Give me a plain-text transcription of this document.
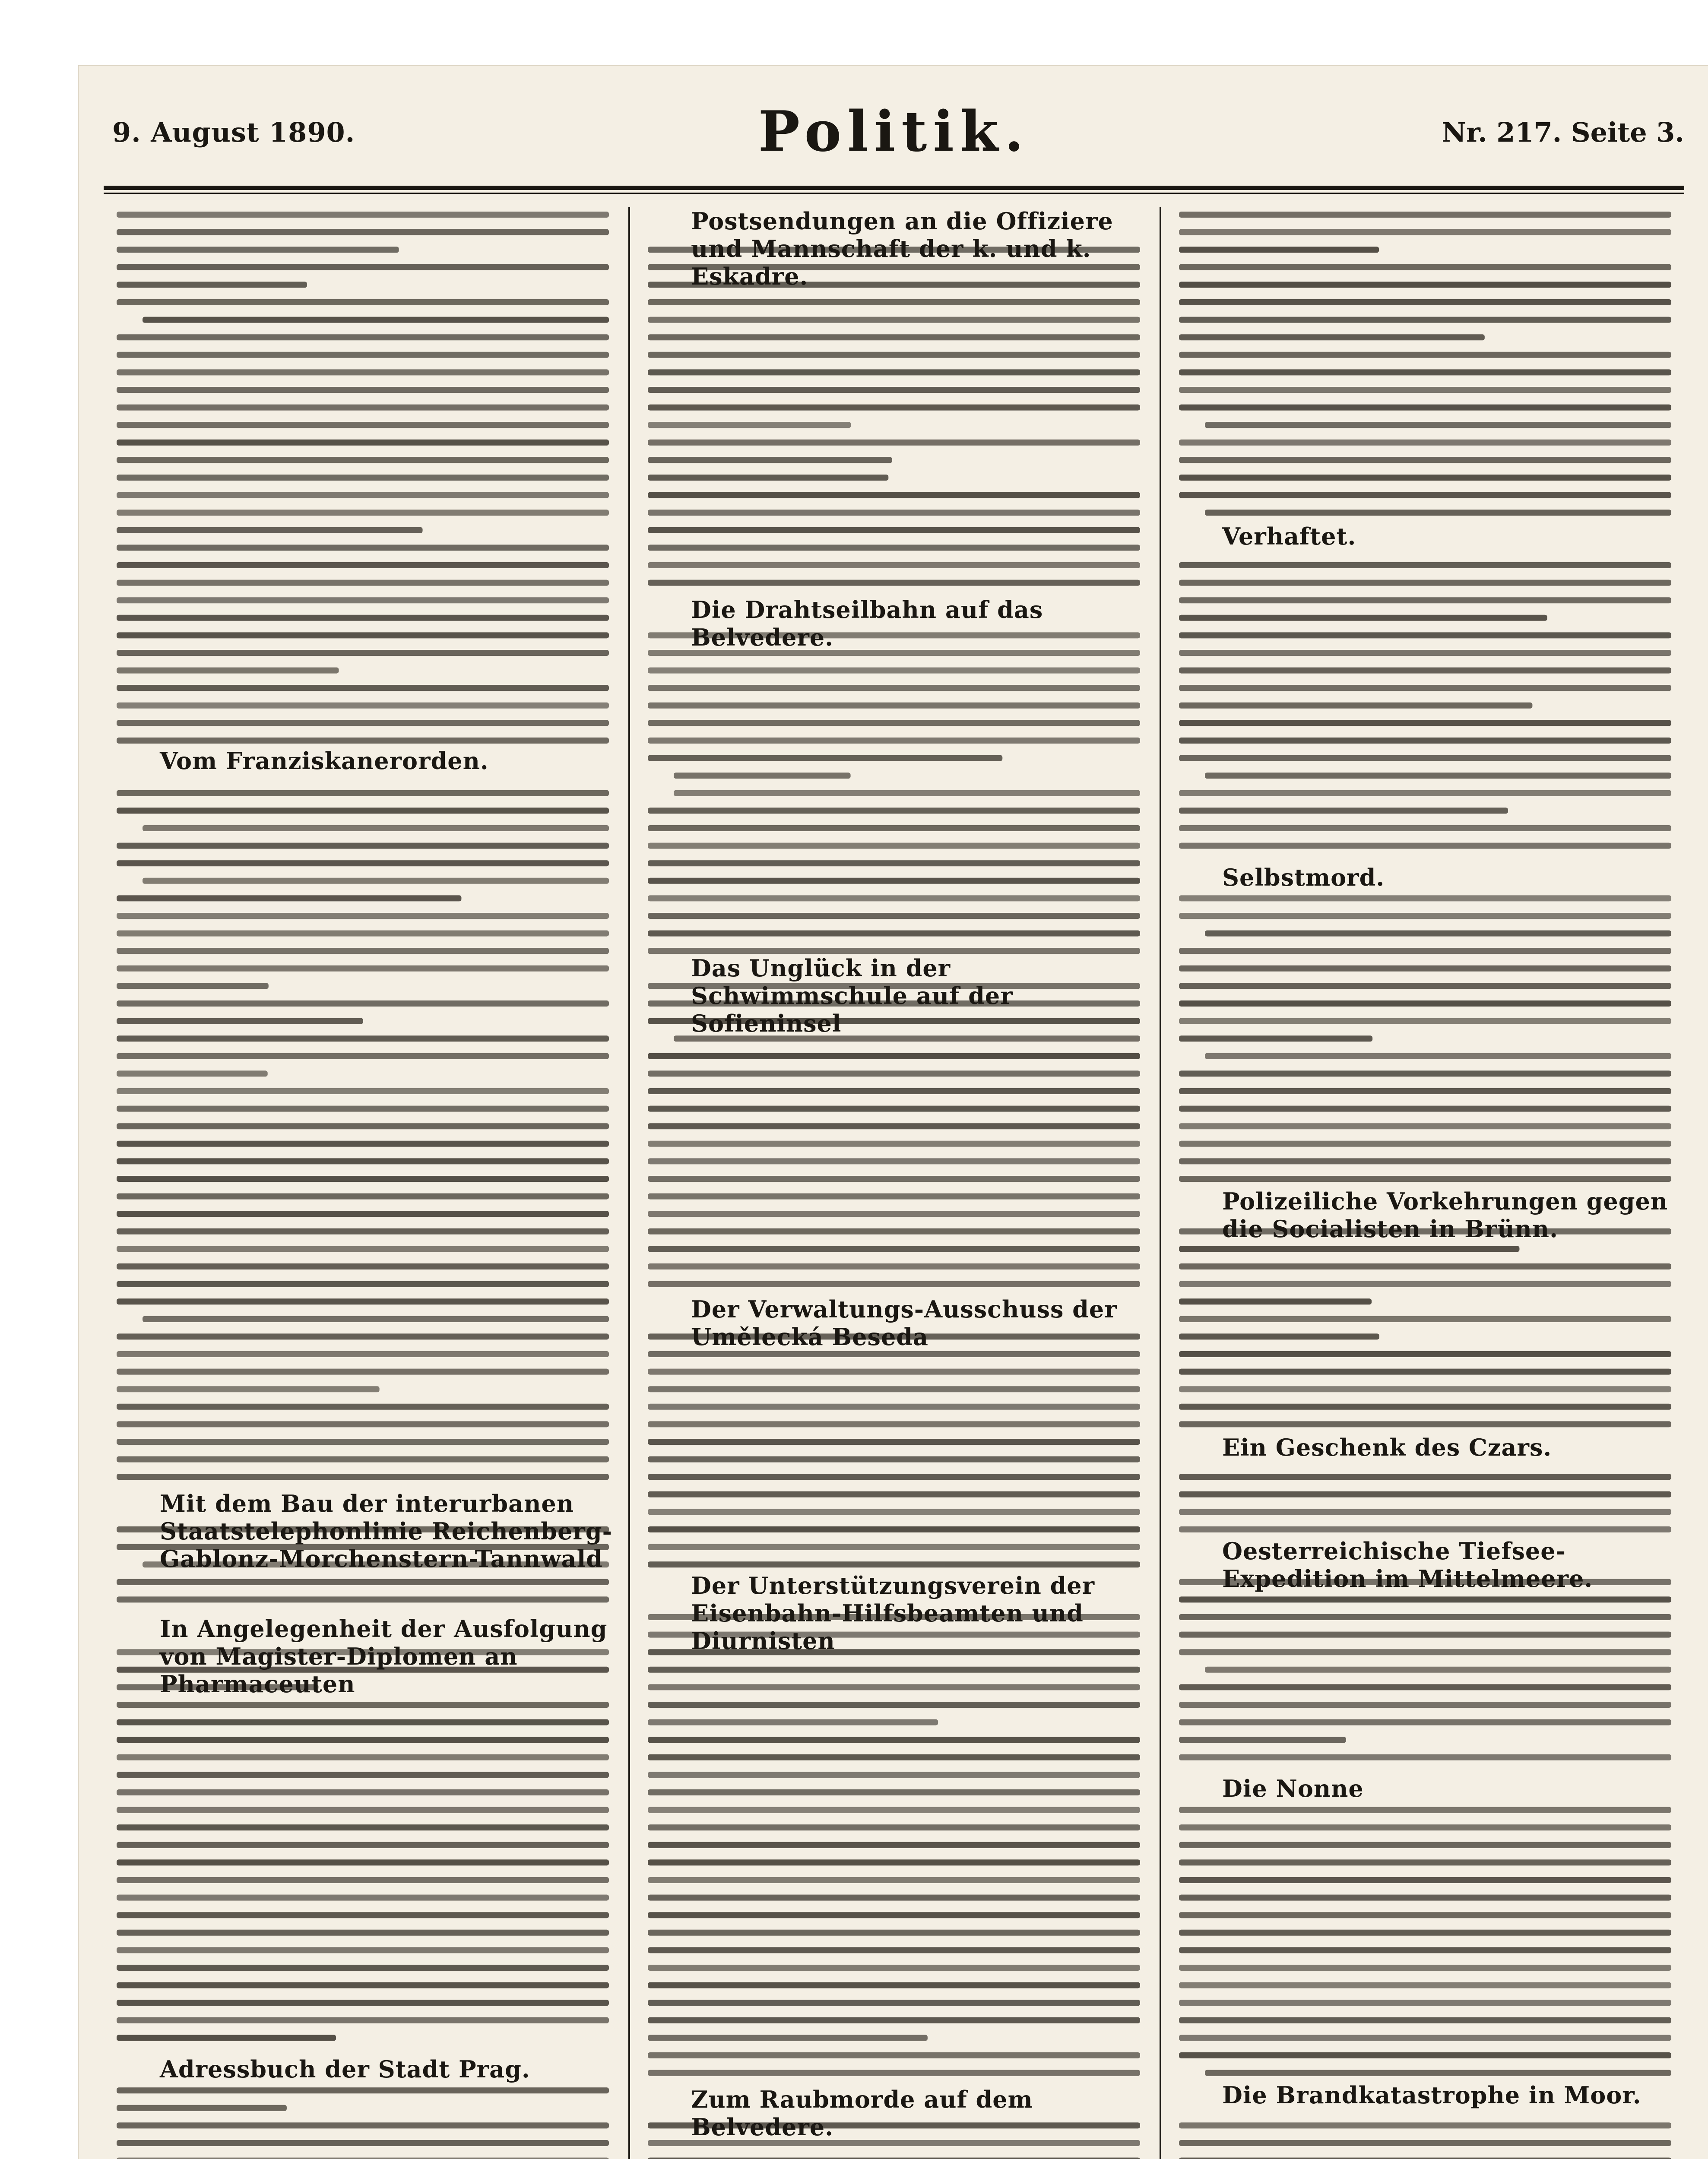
9. August 1890.	Politik.	Nr. 217. Seite 3.
Vom Franziskanerorden.
Mit dem Bau der interurbanen Staatstelephonlinie Reichenberg-Gablonz-Morchenstern-Tannwald
In Angelegenheit der Ausfolgung von Magister-Diplomen an Pharmaceuten
Adressbuch der Stadt Prag.
Postsendungen an die Offiziere und Mannschaft der k. und k. Eskadre.
Die Drahtseilbahn auf das Belvedere.
Das Unglück in der Schwimmschule auf der Sofieninsel
Der Verwaltungs-Ausschuss der Umělecká Beseda
Der Unterstützungsverein der Eisenbahn-Hilfsbeamten und Diurnisten
Zum Raubmorde auf dem Belvedere.
Verhaftet.
Selbstmord.
Polizeiliche Vorkehrungen gegen die Socialisten in Brünn.
Ein Geschenk des Czars.
Oesterreichische Tiefsee-Expedition im Mittelmeere.
Die Nonne
Die Brandkatastrophe in Moor.
